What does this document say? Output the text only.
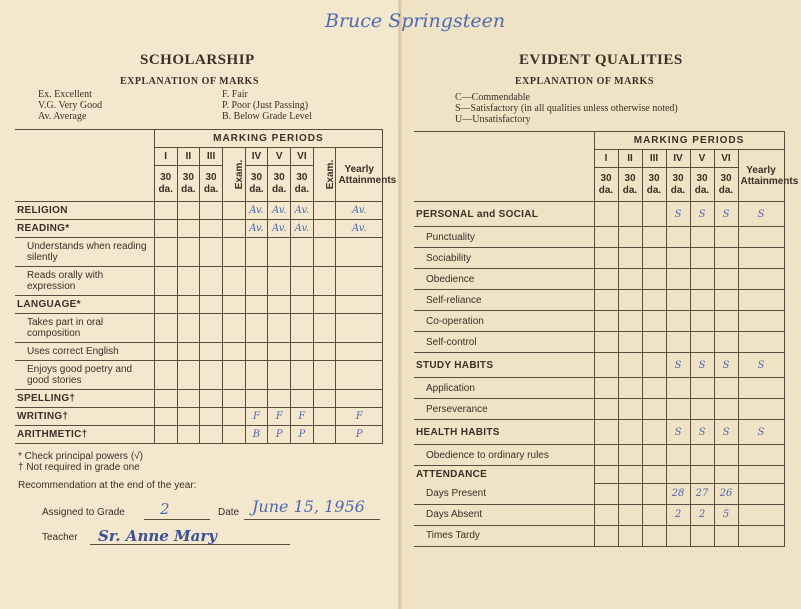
Bruce Springsteen
SCHOLARSHIP
EXPLANATION OF MARKS
Ex. Excellent
V.G. Very Good
Av. Average
F. Fair
P. Poor (Just Passing)
B. Below Grade Level
	MARKING PERIODS								
	I	II	III	Exam.	IV	V	VI	Exam.	Yearly Attainments
	30 da.	30 da.	30 da.		30 da.	30 da.	30 da.		
RELIGION					Av.	Av.	Av.		Av.
READING*					Av.	Av.	Av.		Av.
Understands when reading silently									
Reads orally with expression									
LANGUAGE*									
Takes part in oral composition									
Uses correct English									
Enjoys good poetry and good stories									
SPELLING†									
WRITING†					F	F	F		F
ARITHMETIC†					B	P	P		P
* Check principal powers (√)
† Not required in grade one
Recommendation at the end of the year:
Assigned to Grade 2	Date June 15, 1956
Teacher Sr. Anne Mary
EVIDENT QUALITIES
EXPLANATION OF MARKS
C—Commendable
S—Satisfactory (in all qualities unless otherwise noted)
U—Unsatisfactory
	MARKING PERIODS						
	I	II	III	IV	V	VI	Yearly Attainments
	30 da.	30 da.	30 da.	30 da.	30 da.	30 da.	
PERSONAL and SOCIAL				S	S	S	S
Punctuality							
Sociability							
Obedience							
Self-reliance							
Co-operation							
Self-control							
STUDY HABITS				S	S	S	S
Application							
Perseverance							
HEALTH HABITS				S	S	S	S
Obedience to ordinary rules							
ATTENDANCE							
Days Present				28	27	26	
Days Absent				2	2	5	
Times Tardy							
